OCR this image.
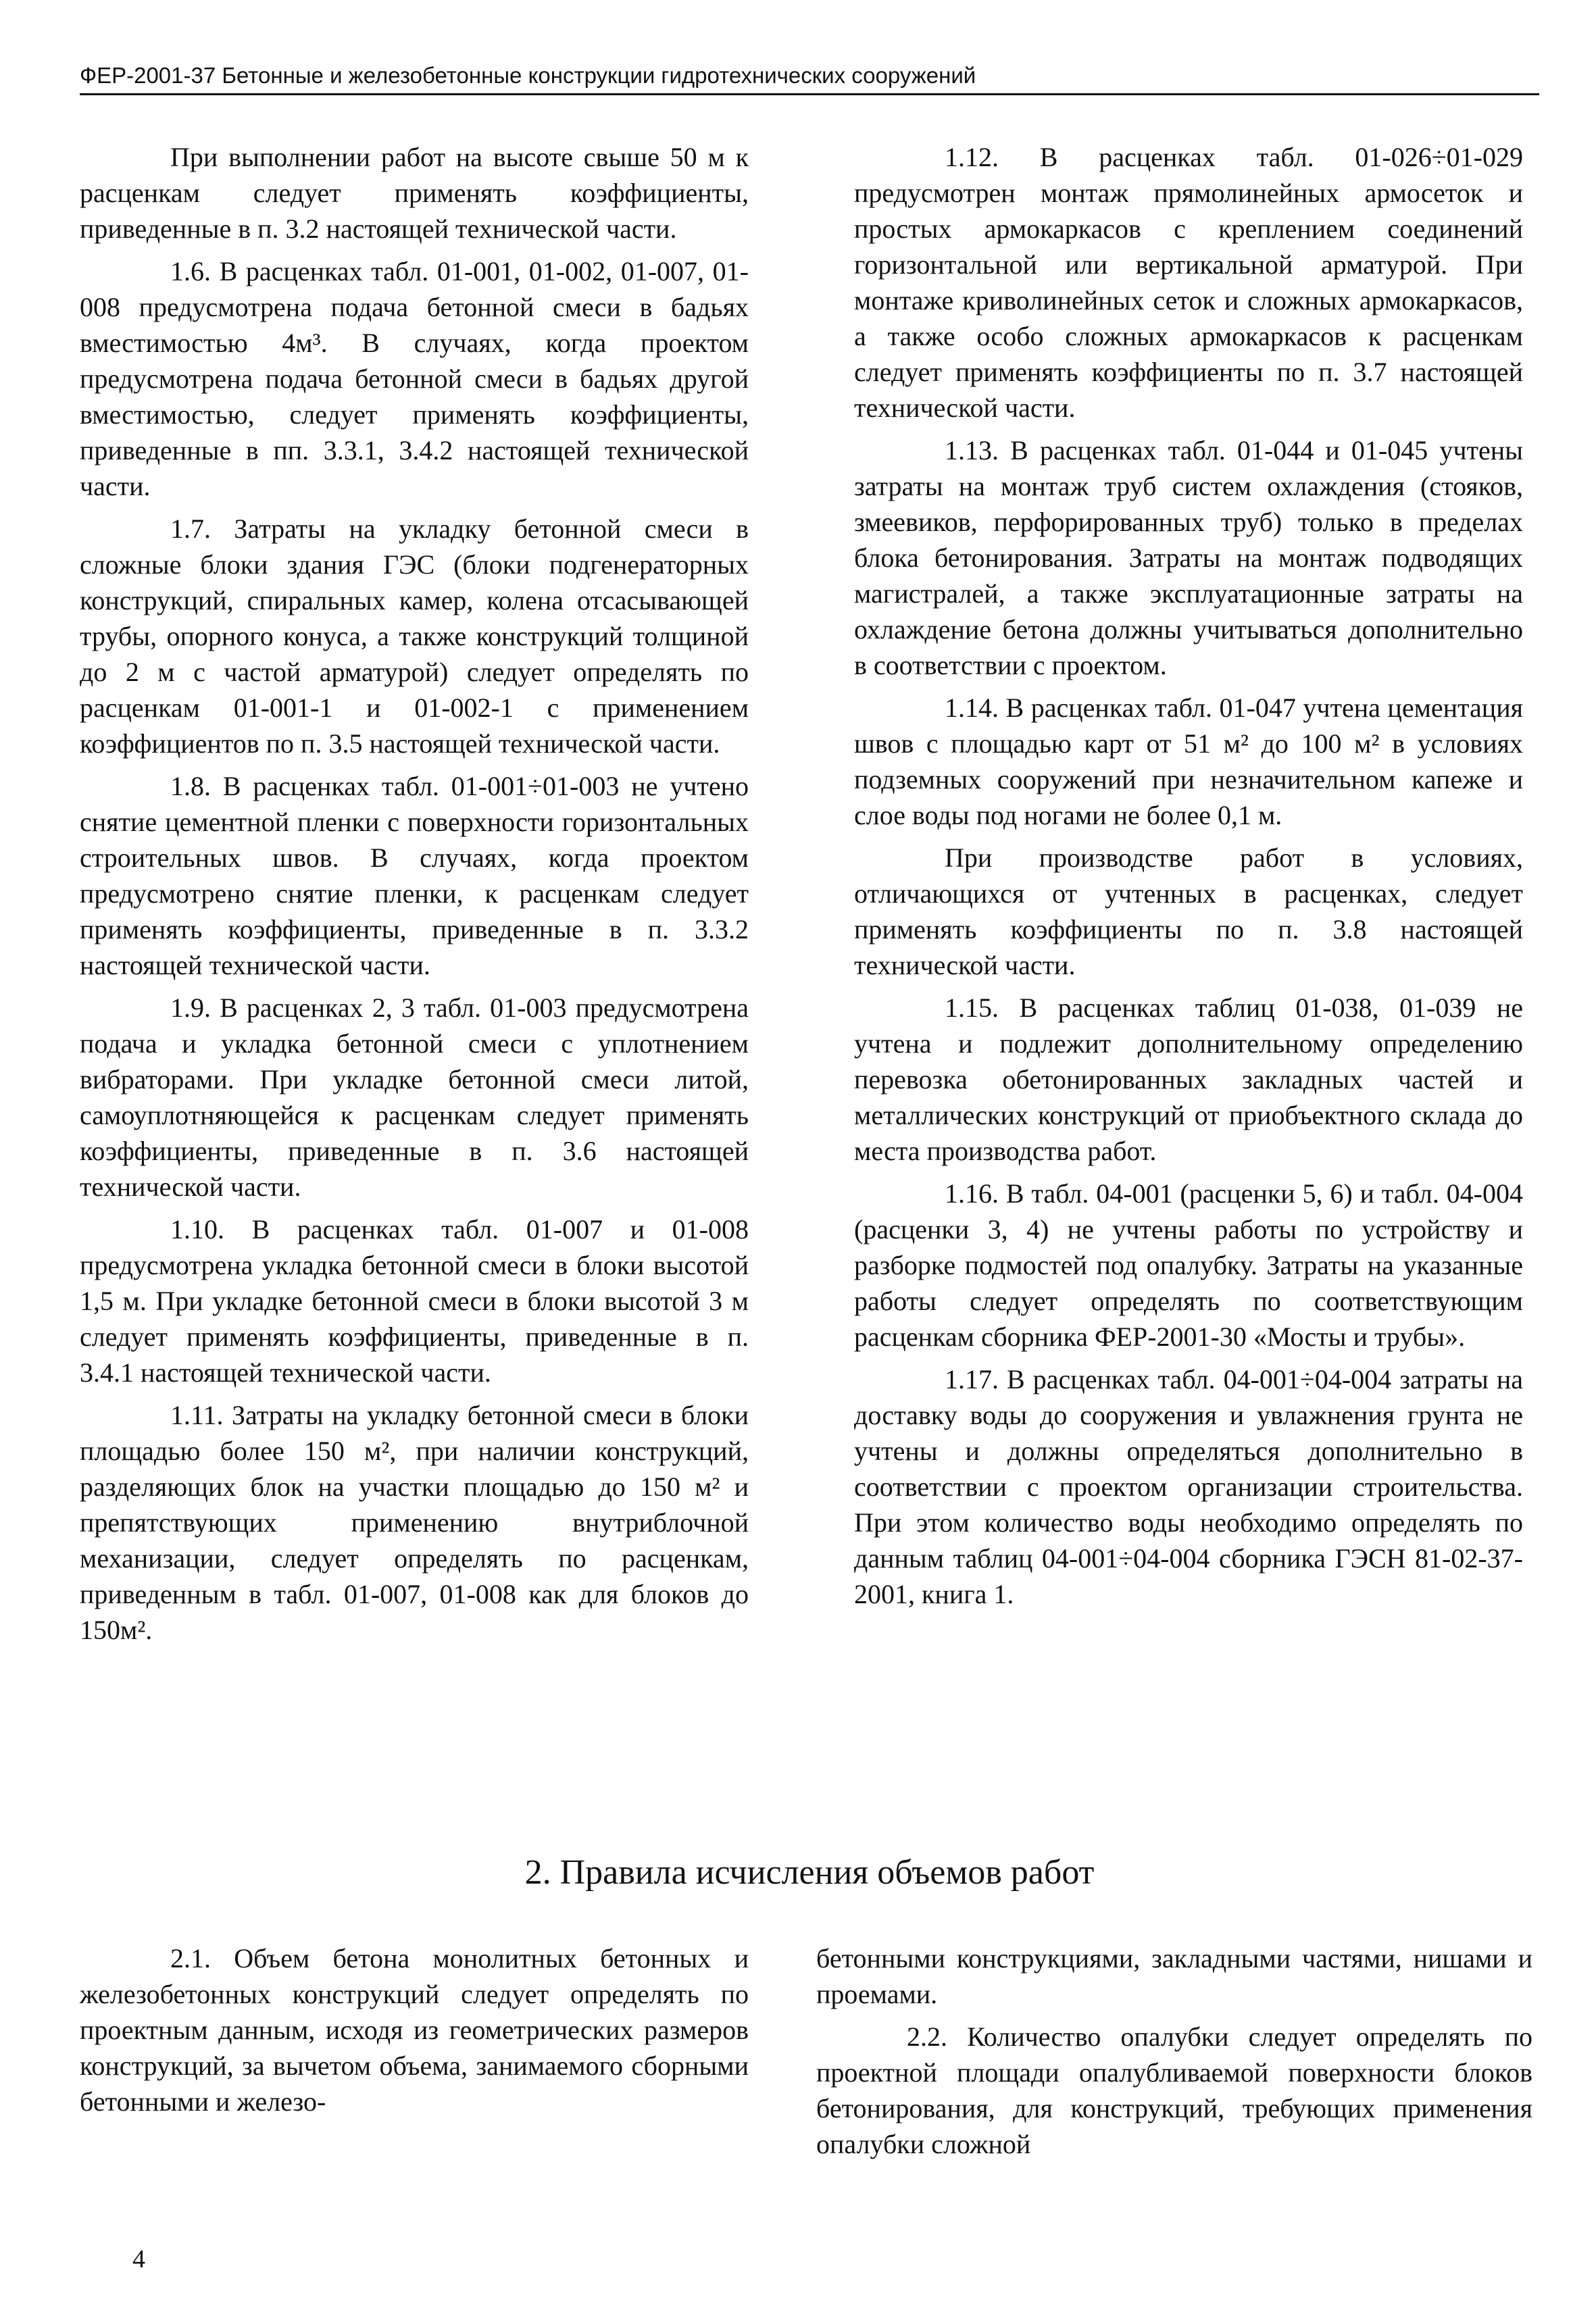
ФЕР-2001-37 Бетонные и железобетонные конструкции гидротехнических сооружений

При выполнении работ на высоте свыше 50 м к расценкам следует применять коэффициенты, приведенные в п. 3.2 настоящей технической части.

1.6. В расценках табл. 01-001, 01-002, 01-007, 01-008 предусмотрена подача бетонной смеси в бадьях вместимостью 4м³. В случаях, когда проектом предусмотрена подача бетонной смеси в бадьях другой вместимостью, следует применять коэффициенты, приведенные в пп. 3.3.1, 3.4.2 настоящей технической части.

1.7. Затраты на укладку бетонной смеси в сложные блоки здания ГЭС (блоки подгенераторных конструкций, спиральных камер, колена отсасывающей трубы, опорного конуса, а также конструкций толщиной до 2 м с частой арматурой) следует определять по расценкам 01-001-1 и 01-002-1 с применением коэффициентов по п. 3.5 настоящей технической части.

1.8. В расценках табл. 01-001÷01-003 не учтено снятие цементной пленки с поверхности горизонтальных строительных швов. В случаях, когда проектом предусмотрено снятие пленки, к расценкам следует применять коэффициенты, приведенные в п. 3.3.2 настоящей технической части.

1.9. В расценках 2, 3 табл. 01-003 предусмотрена подача и укладка бетонной смеси с уплотнением вибраторами. При укладке бетонной смеси литой, самоуплотняющейся к расценкам следует применять коэффициенты, приведенные в п. 3.6 настоящей технической части.

1.10. В расценках табл. 01-007 и 01-008 предусмотрена укладка бетонной смеси в блоки высотой 1,5 м. При укладке бетонной смеси в блоки высотой 3 м следует применять коэффициенты, приведенные в п. 3.4.1 настоящей технической части.

1.11. Затраты на укладку бетонной смеси в блоки площадью более 150 м², при наличии конструкций, разделяющих блок на участки площадью до 150 м² и препятствующих применению внутриблочной механизации, следует определять по расценкам, приведенным в табл. 01-007, 01-008 как для блоков до 150м².

1.12. В расценках табл. 01-026÷01-029 предусмотрен монтаж прямолинейных армосеток и простых армокаркасов с креплением соединений горизонтальной или вертикальной арматурой. При монтаже криволинейных сеток и сложных армокаркасов, а также особо сложных армокаркасов к расценкам следует применять коэффициенты по п. 3.7 настоящей технической части.

1.13. В расценках табл. 01-044 и 01-045 учтены затраты на монтаж труб систем охлаждения (стояков, змеевиков, перфорированных труб) только в пределах блока бетонирования. Затраты на монтаж подводящих магистралей, а также эксплуатационные затраты на охлаждение бетона должны учитываться дополнительно в соответствии с проектом.

1.14. В расценках табл. 01-047 учтена цементация швов с площадью карт от 51 м² до 100 м² в условиях подземных сооружений при незначительном капеже и слое воды под ногами не более 0,1 м.

При производстве работ в условиях, отличающихся от учтенных в расценках, следует применять коэффициенты по п. 3.8 настоящей технической части.

1.15. В расценках таблиц 01-038, 01-039 не учтена и подлежит дополнительному определению перевозка обетонированных закладных частей и металлических конструкций от приобъектного склада до места производства работ.

1.16. В табл. 04-001 (расценки 5, 6) и табл. 04-004 (расценки 3, 4) не учтены работы по устройству и разборке подмостей под опалубку. Затраты на указанные работы следует определять по соответствующим расценкам сборника ФЕР-2001-30 «Мосты и трубы».

1.17. В расценках табл. 04-001÷04-004 затраты на доставку воды до сооружения и увлажнения грунта не учтены и должны определяться дополнительно в соответствии с проектом организации строительства. При этом количество воды необходимо определять по данным таблиц 04-001÷04-004 сборника ГЭСН 81-02-37-2001, книга 1.

2. Правила исчисления объемов работ

2.1. Объем бетона монолитных бетонных и железобетонных конструкций следует определять по проектным данным, исходя из геометрических размеров конструкций, за вычетом объема, занимаемого сборными бетонными и железо-

бетонными конструкциями, закладными частями, нишами и проемами.

2.2. Количество опалубки следует определять по проектной площади опалубливаемой поверхности блоков бетонирования, для конструкций, требующих применения опалубки сложной

4
